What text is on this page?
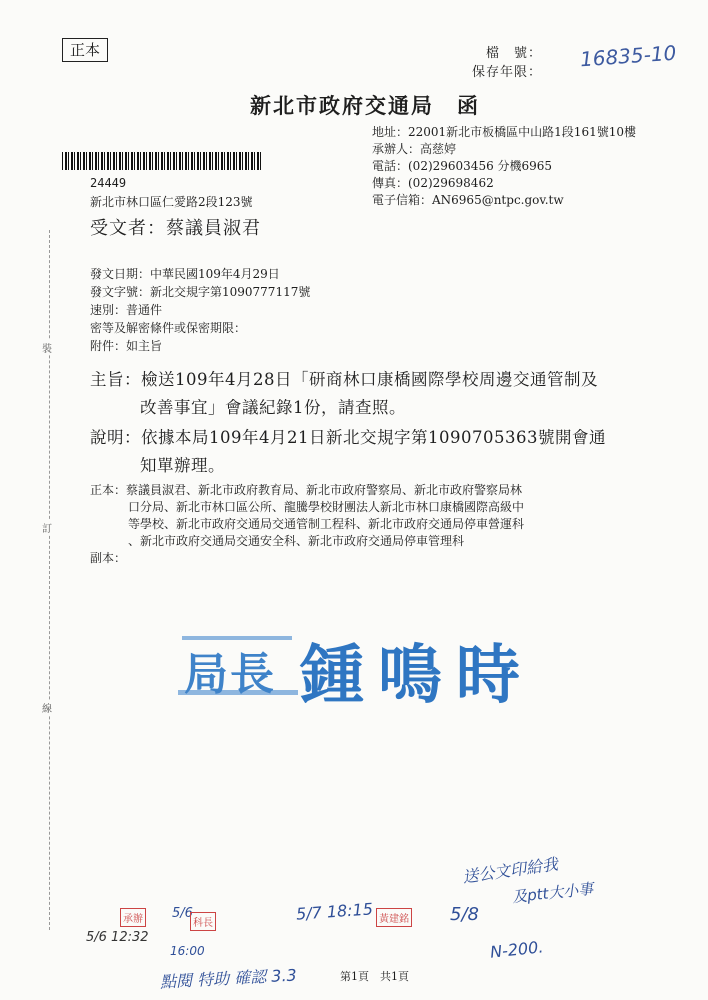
正本	檔　號：
保存年限：
16835-10
新北市政府交通局　函
地址：22001新北市板橋區中山路1段161號10樓
承辦人：高慈婷
電話：(02)29603456 分機6965
傳真：(02)29698462
電子信箱：AN6965@ntpc.gov.tw
24449
新北市林口區仁愛路2段123號
受文者：蔡議員淑君
發文日期：中華民國109年4月29日
發文字號：新北交規字第1090777117號
速別：普通件
密等及解密條件或保密期限：
附件：如主旨
主旨：檢送109年4月28日「研商林口康橋國際學校周邊交通管制及
改善事宜」會議紀錄1份，請查照。
說明：依據本局109年4月21日新北交規字第1090705363號開會通
知單辦理。
正本：蔡議員淑君、新北市政府教育局、新北市政府警察局、新北市政府警察局林
口分局、新北市林口區公所、龍騰學校財團法人新北市林口康橋國際高級中
等學校、新北市政府交通局交通管制工程科、新北市政府交通局停車營運科
、新北市政府交通局交通安全科、新北市政府交通局停車管理科
副本：
裝
訂
線
局長 鍾鳴時
送公文印給我
及ptt大小事
5/8
N-200.
5/6 12:32
承辦 5/6
科長
16:00
5/7 18:15 黃建銘
點閱 特助 確認 3.3	第1頁　共1頁
